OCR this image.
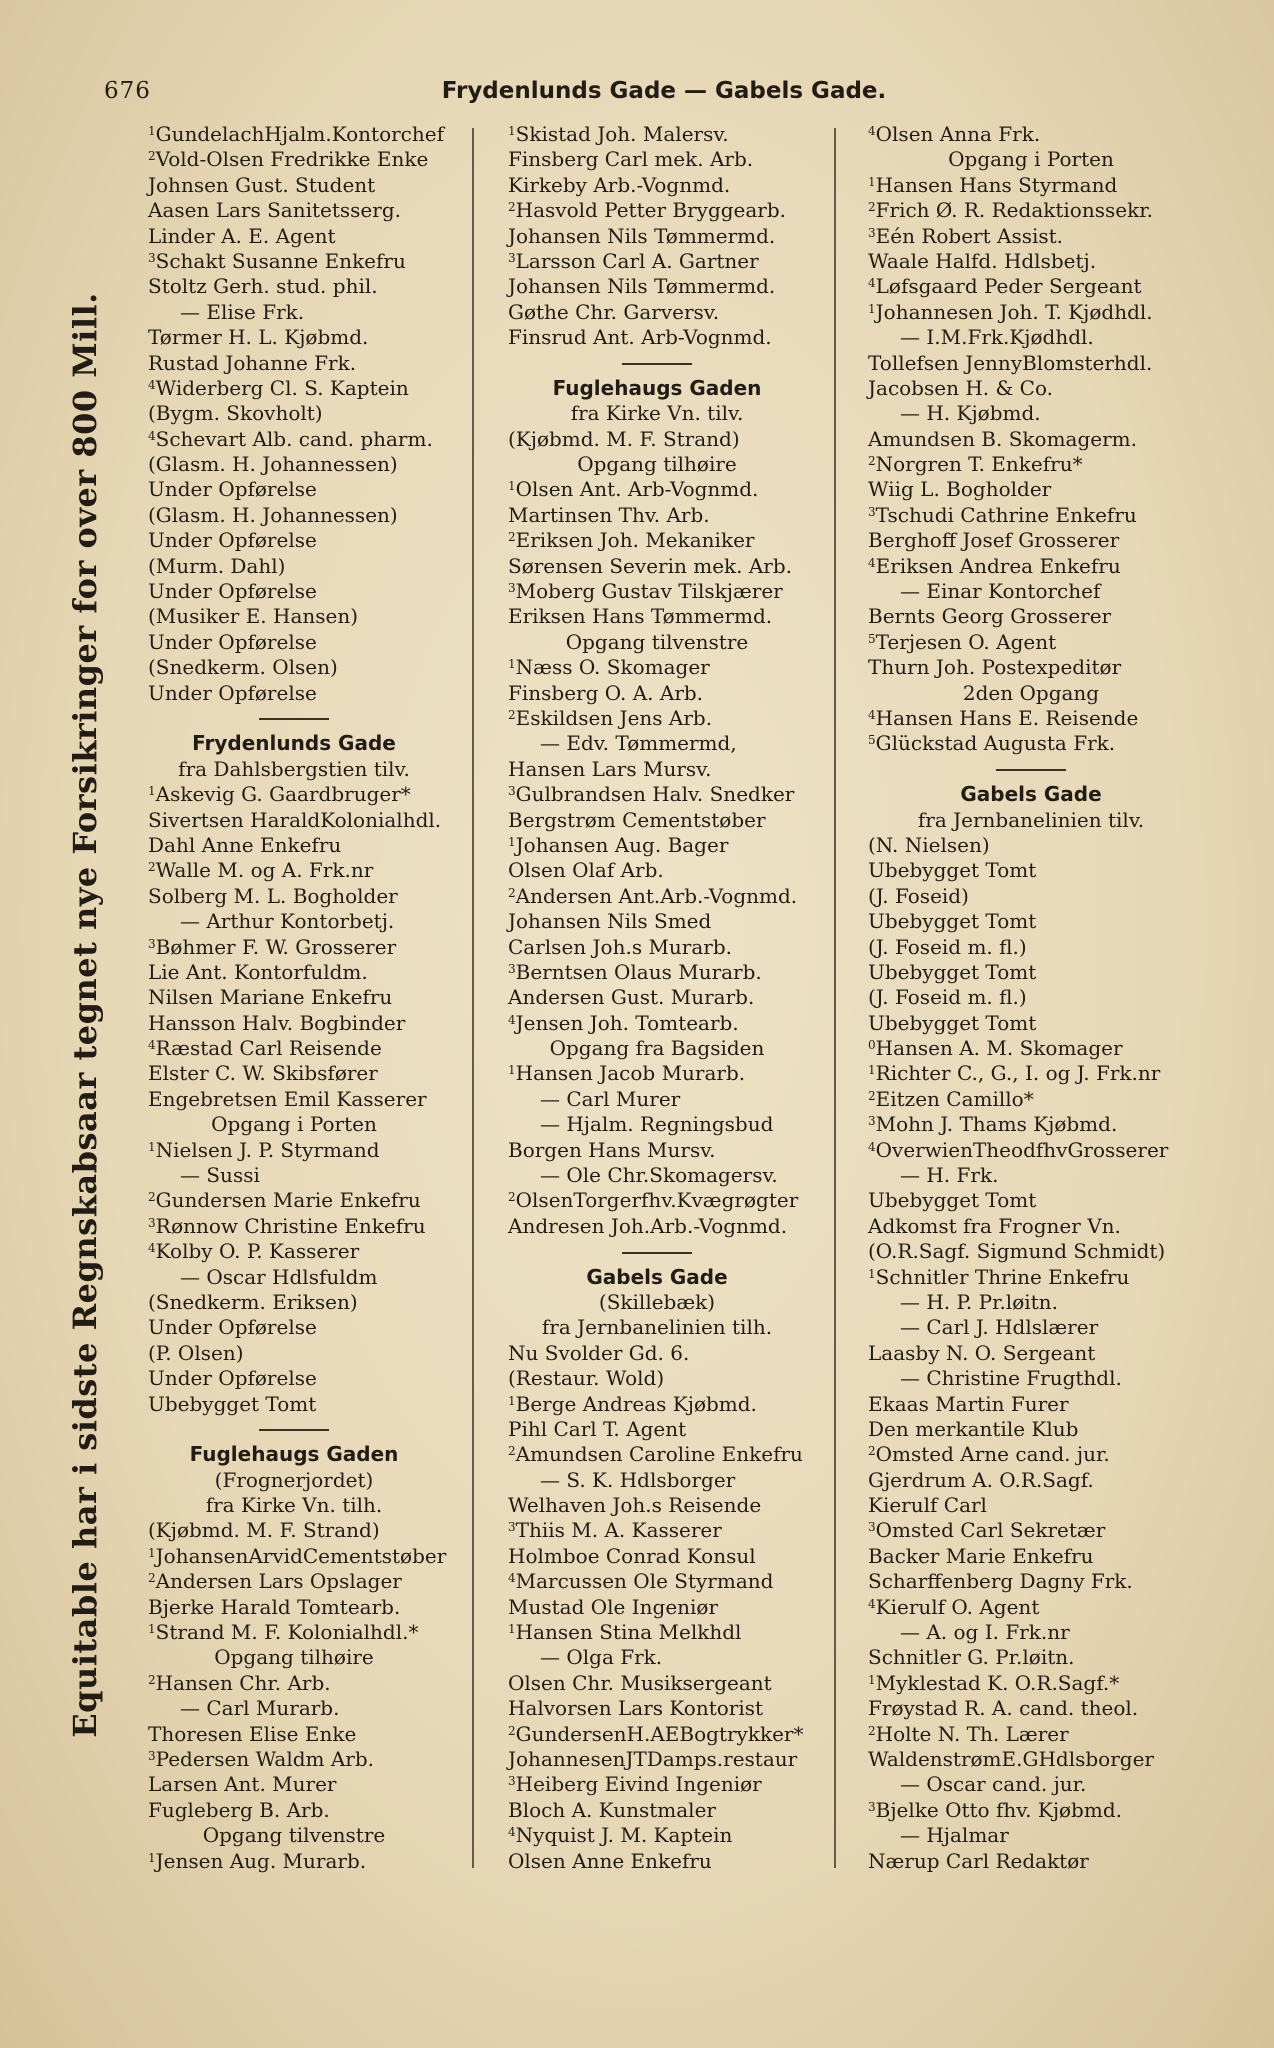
676	Frydenlunds Gade — Gabels Gade.
Equitable har i sidste Regnskabsaar tegnet nye Forsikringer for over 800 Mill.
$^1$GundelachHjalm.Kontorchef
$^2$Vold-Olsen Fredrikke Enke
Johnsen Gust. Student
Aasen Lars Sanitetsserg.
Linder A. E. Agent
$^3$Schakt Susanne Enkefru
Stoltz Gerh. stud. phil.
— Elise Frk.
Tørmer H. L. Kjøbmd.
Rustad Johanne Frk.
$^4$Widerberg Cl. S. Kaptein
(Bygm. Skovholt)
$^4$Schevart Alb. cand. pharm.
(Glasm. H. Johannessen)
Under Opførelse
(Glasm. H. Johannessen)
Under Opførelse
(Murm. Dahl)
Under Opførelse
(Musiker E. Hansen)
Under Opførelse
(Snedkerm. Olsen)
Under Opførelse
Frydenlunds Gade
fra Dahlsbergstien tilv.
$^1$Askevig G. Gaardbruger*
Sivertsen HaraldKolonialhdl.
Dahl Anne Enkefru
$^2$Walle M. og A. Frk.nr
Solberg M. L. Bogholder
— Arthur Kontorbetj.
$^3$Bøhmer F. W. Grosserer
Lie Ant. Kontorfuldm.
Nilsen Mariane Enkefru
Hansson Halv. Bogbinder
$^4$Ræstad Carl Reisende
Elster C. W. Skibsfører
Engebretsen Emil Kasserer
Opgang i Porten
$^1$Nielsen J. P. Styrmand
— Sussi
$^2$Gundersen Marie Enkefru
$^3$Rønnow Christine Enkefru
$^4$Kolby O. P. Kasserer
— Oscar Hdlsfuldm
(Snedkerm. Eriksen)
Under Opførelse
(P. Olsen)
Under Opførelse
Ubebygget Tomt
Fuglehaugs Gaden
(Frognerjordet)
fra Kirke Vn. tilh.
(Kjøbmd. M. F. Strand)
$^1$JohansenArvidCementstøber
$^2$Andersen Lars Opslager
Bjerke Harald Tomtearb.
$^1$Strand M. F. Kolonialhdl.*
Opgang tilhøire
$^2$Hansen Chr. Arb.
— Carl Murarb.
Thoresen Elise Enke
$^3$Pedersen Waldm Arb.
Larsen Ant. Murer
Fugleberg B. Arb.
Opgang tilvenstre
$^1$Jensen Aug. Murarb.
$^1$Skistad Joh. Malersv.
Finsberg Carl mek. Arb.
Kirkeby Arb.-Vognmd.
$^2$Hasvold Petter Bryggearb.
Johansen Nils Tømmermd.
$^3$Larsson Carl A. Gartner
Johansen Nils Tømmermd.
Gøthe Chr. Garversv.
Finsrud Ant. Arb-Vognmd.
Fuglehaugs Gaden
fra Kirke Vn. tilv.
(Kjøbmd. M. F. Strand)
Opgang tilhøire
$^1$Olsen Ant. Arb-Vognmd.
Martinsen Thv. Arb.
$^2$Eriksen Joh. Mekaniker
Sørensen Severin mek. Arb.
$^3$Moberg Gustav Tilskjærer
Eriksen Hans Tømmermd.
Opgang tilvenstre
$^1$Næss O. Skomager
Finsberg O. A. Arb.
$^2$Eskildsen Jens Arb.
— Edv. Tømmermd,
Hansen Lars Mursv.
$^3$Gulbrandsen Halv. Snedker
Bergstrøm Cementstøber
$^1$Johansen Aug. Bager
Olsen Olaf Arb.
$^2$Andersen Ant.Arb.-Vognmd.
Johansen Nils Smed
Carlsen Joh.s Murarb.
$^3$Berntsen Olaus Murarb.
Andersen Gust. Murarb.
$^4$Jensen Joh. Tomtearb.
Opgang fra Bagsiden
$^1$Hansen Jacob Murarb.
— Carl Murer
— Hjalm. Regningsbud
Borgen Hans Mursv.
— Ole Chr.Skomagersv.
$^2$OlsenTorgerfhv.Kvægrøgter
Andresen Joh.Arb.-Vognmd.
Gabels Gade
(Skillebæk)
fra Jernbanelinien tilh.
Nu Svolder Gd. 6.
(Restaur. Wold)
$^1$Berge Andreas Kjøbmd.
Pihl Carl T. Agent
$^2$Amundsen Caroline Enkefru
— S. K. Hdlsborger
Welhaven Joh.s Reisende
$^3$Thiis M. A. Kasserer
Holmboe Conrad Konsul
$^4$Marcussen Ole Styrmand
Mustad Ole Ingeniør
$^1$Hansen Stina Melkhdl
— Olga Frk.
Olsen Chr. Musiksergeant
Halvorsen Lars Kontorist
$^2$GundersenH.AEBogtrykker*
JohannesenJTDamps.restaur
$^3$Heiberg Eivind Ingeniør
Bloch A. Kunstmaler
$^4$Nyquist J. M. Kaptein
Olsen Anne Enkefru
$^4$Olsen Anna Frk.
Opgang i Porten
$^1$Hansen Hans Styrmand
$^2$Frich Ø. R. Redaktionssekr.
$^3$Eén Robert Assist.
Waale Halfd. Hdlsbetj.
$^4$Løfsgaard Peder Sergeant
$^1$Johannesen Joh. T. Kjødhdl.
— I.M.Frk.Kjødhdl.
Tollefsen JennyBlomsterhdl.
Jacobsen H. & Co.
— H. Kjøbmd.
Amundsen B. Skomagerm.
$^2$Norgren T. Enkefru*
Wiig L. Bogholder
$^3$Tschudi Cathrine Enkefru
Berghoff Josef Grosserer
$^4$Eriksen Andrea Enkefru
— Einar Kontorchef
Bernts Georg Grosserer
$^5$Terjesen O. Agent
Thurn Joh. Postexpeditør
2den Opgang
$^4$Hansen Hans E. Reisende
$^5$Glückstad Augusta Frk.
Gabels Gade
fra Jernbanelinien tilv.
(N. Nielsen)
Ubebygget Tomt
(J. Foseid)
Ubebygget Tomt
(J. Foseid m. fl.)
Ubebygget Tomt
(J. Foseid m. fl.)
Ubebygget Tomt
$^0$Hansen A. M. Skomager
$^1$Richter C., G., I. og J. Frk.nr
$^2$Eitzen Camillo*
$^3$Mohn J. Thams Kjøbmd.
$^4$OverwienTheodfhvGrosserer
— H. Frk.
Ubebygget Tomt
Adkomst fra Frogner Vn.
(O.R.Sagf. Sigmund Schmidt)
$^1$Schnitler Thrine Enkefru
— H. P. Pr.løitn.
— Carl J. Hdlslærer
Laasby N. O. Sergeant
— Christine Frugthdl.
Ekaas Martin Furer
Den merkantile Klub
$^2$Omsted Arne cand. jur.
Gjerdrum A. O.R.Sagf.
Kierulf Carl
$^3$Omsted Carl Sekretær
Backer Marie Enkefru
Scharffenberg Dagny Frk.
$^4$Kierulf O. Agent
— A. og I. Frk.nr
Schnitler G. Pr.løitn.
$^1$Myklestad K. O.R.Sagf.*
Frøystad R. A. cand. theol.
$^2$Holte N. Th. Lærer
WaldenstrømE.GHdlsborger
— Oscar cand. jur.
$^3$Bjelke Otto fhv. Kjøbmd.
— Hjalmar
Nærup Carl Redaktør
